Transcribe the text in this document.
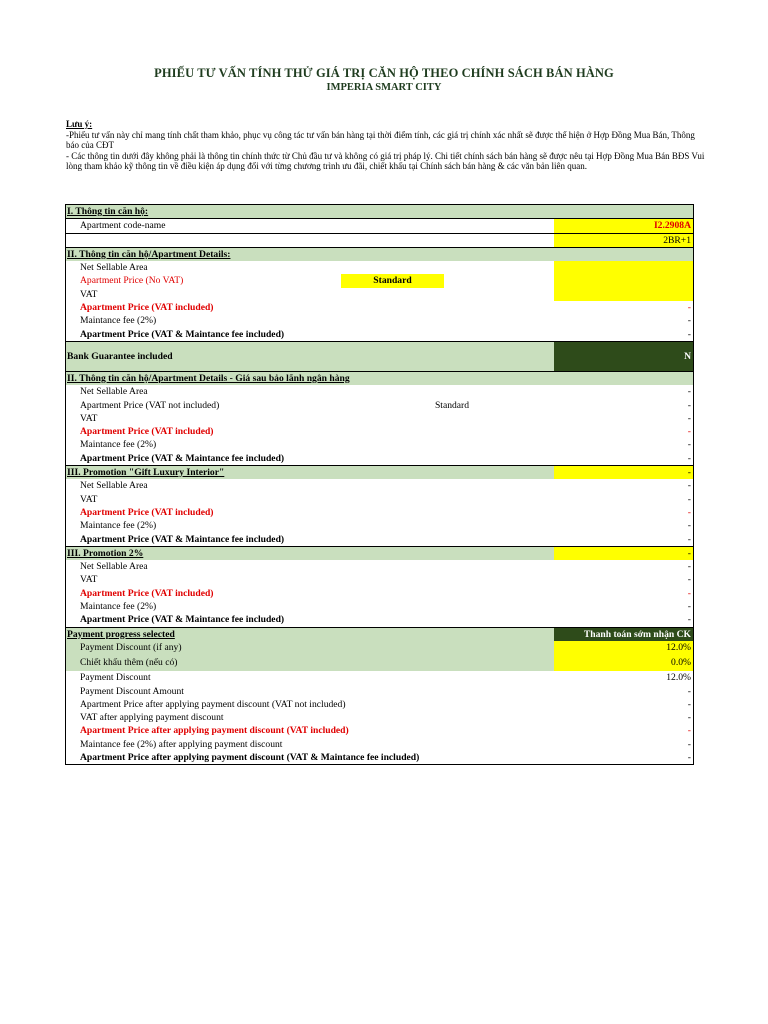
PHIẾU TƯ VẤN TÍNH THỬ GIÁ TRỊ CĂN HỘ THEO CHÍNH SÁCH BÁN HÀNG
IMPERIA SMART CITY

Lưu ý:

-Phiếu tư vấn này chỉ mang tính chất tham khảo, phục vụ công tác tư vấn bán hàng tại thời điểm tính, các giá trị chính xác nhất sẽ được thể hiện ở Hợp Đồng Mua Bán, Thông báo của CĐT

- Các thông tin dưới đây không phải là thông tin chính thức từ Chủ đầu tư và không có giá trị pháp lý. Chi tiết chính sách bán hàng sẽ được nêu tại Hợp Đồng Mua Bán BĐS Vui lòng tham khảo kỹ thông tin về điều kiện áp dụng đối với từng chương trình ưu đãi, chiết khấu tại Chính sách bán hàng & các văn bản liên quan.

I. Thông tin căn hộ:
Apartment code-name	I2.2908A
2BR+1
II. Thông tin căn hộ/Apartment Details:
Net Sellable Area
Apartment Price (No VAT)	Standard
VAT
Apartment Price (VAT included)	-
Maintance fee (2%)	-
Apartment Price (VAT & Maintance fee included)	-
Bank Guarantee included	N
II. Thông tin căn hộ/Apartment Details - Giá sau bảo lãnh ngân hàng
Net Sellable Area	-
Apartment Price (VAT not included)	Standard	-
VAT	-
Apartment Price (VAT included)	-
Maintance fee (2%)	-
Apartment Price (VAT & Maintance fee included)	-
III. Promotion "Gift Luxury Interior"	-
Net Sellable Area	-
VAT	-
Apartment Price (VAT included)	-
Maintance fee (2%)	-
Apartment Price (VAT & Maintance fee included)	-
III. Promotion 2%	-
Net Sellable Area	-
VAT	-
Apartment Price (VAT included)	-
Maintance fee (2%)	-
Apartment Price (VAT & Maintance fee included)	-
Payment progress selected	Thanh toán sớm nhận CK
Payment Discount (if any)	12.0%
Chiết khấu thêm (nếu có)	0.0%
Payment Discount	12.0%
Payment Discount Amount	-
Apartment Price after applying payment discount (VAT not included)	-
VAT after applying payment discount	-
Apartment Price after applying payment discount (VAT included)	-
Maintance fee (2%) after applying payment discount	-
Apartment Price after applying payment discount (VAT & Maintance fee included)	-
